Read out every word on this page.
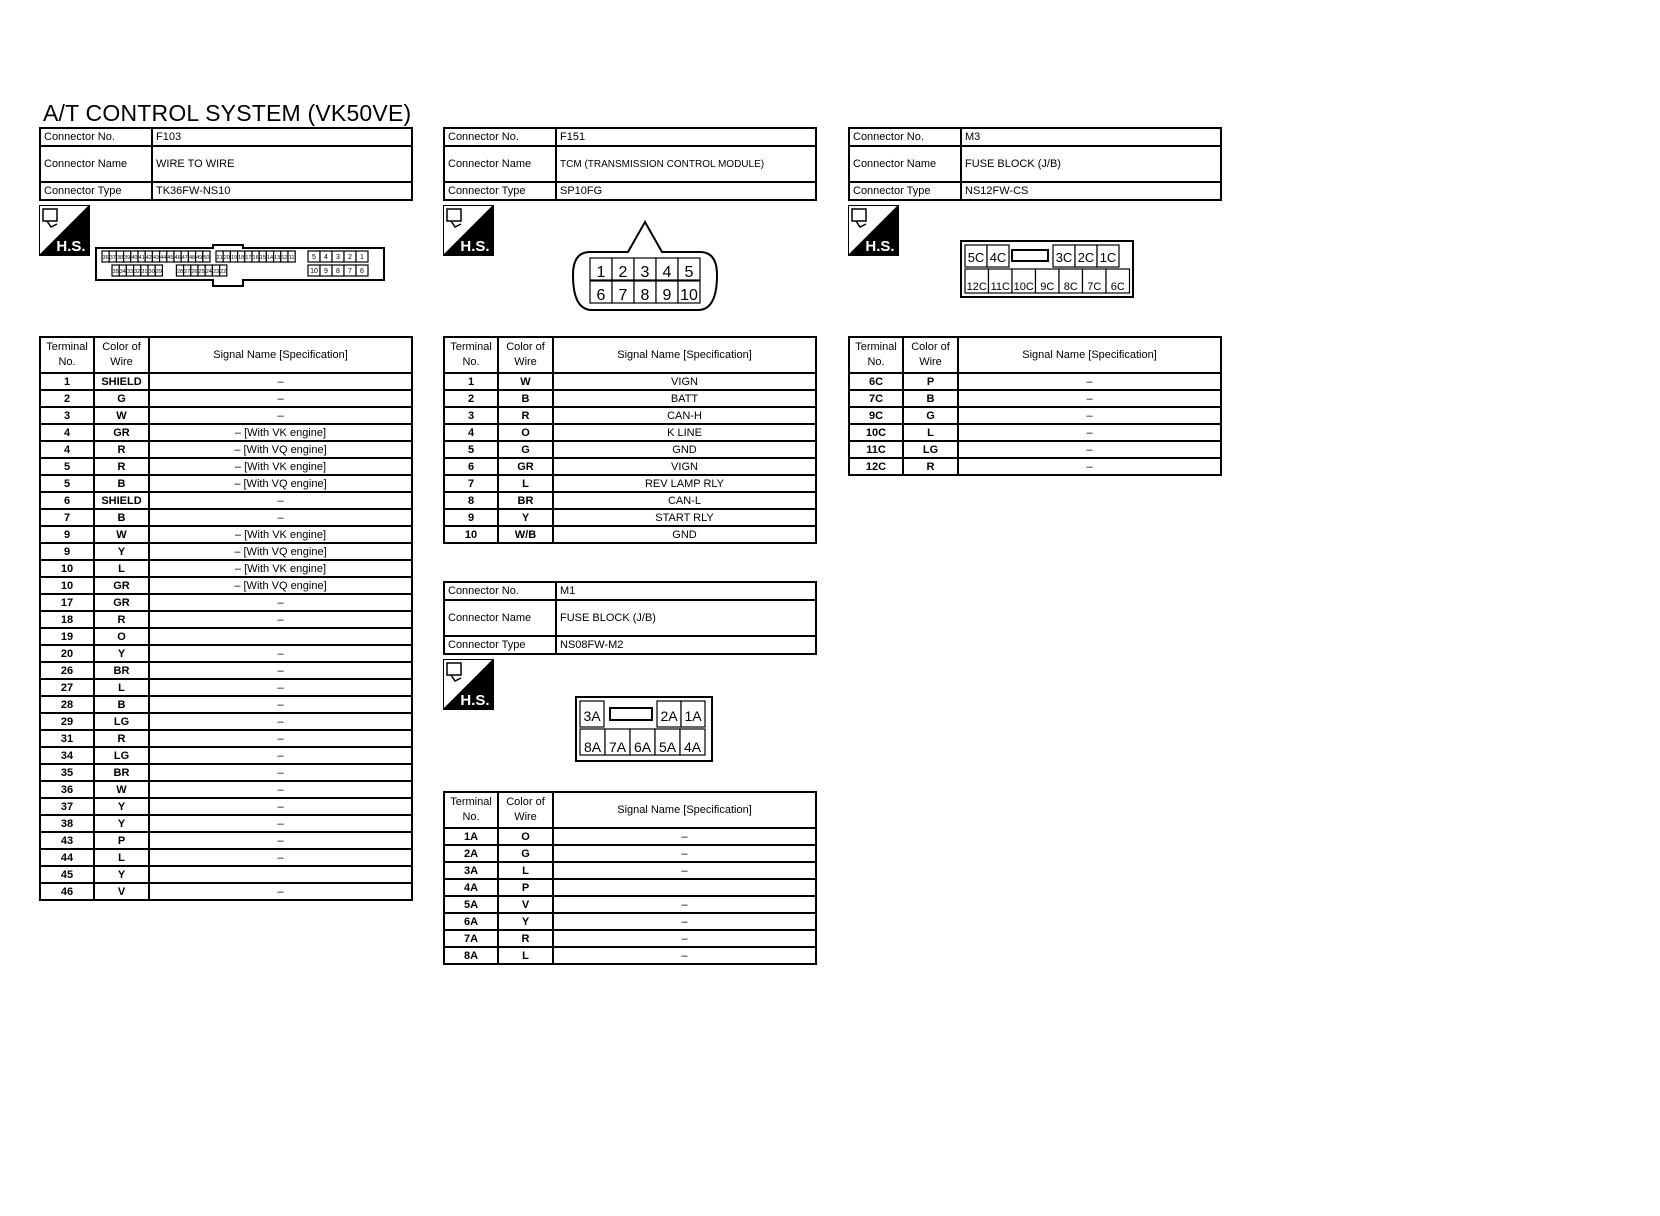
A/T CONTROL SYSTEM (VK50VE)
Connector No.	F103
Connector Name	WIRE TO WIRE
Connector Type	TK36FW-NS10
H.S.
36 37 38 39 40 41 42 43 44 45 46 47 48 49 50 21 20 19 18 17 16 15 14 13 12 11
35 34 33 32 31 30 29	28 27 26 25 24 23 22
5 4 3 2 1
10 9 8 7 6
Terminal No.	Color of Wire	Signal Name [Specification]
1	SHIELD	–
2	G	–
3	W	–
4	GR	– [With VK engine]
4	R	– [With VQ engine]
5	R	– [With VK engine]
5	B	– [With VQ engine]
6	SHIELD	–
7	B	–
9	W	– [With VK engine]
9	Y	– [With VQ engine]
10	L	– [With VK engine]
10	GR	– [With VQ engine]
17	GR	–
18	R	–
19	O	
20	Y	–
26	BR	–
27	L	–
28	B	–
29	LG	–
31	R	–
34	LG	–
35	BR	–
36	W	–
37	Y	–
38	Y	–
43	P	–
44	L	–
45	Y	
46	V	–
Connector No.	F151
Connector Name	TCM (TRANSMISSION CONTROL MODULE)
Connector Type	SP10FG
H.S.
1 2 3 4 5
6 7 8 9 10
Terminal No.	Color of Wire	Signal Name [Specification]
1	W	VIGN
2	B	BATT
3	R	CAN-H
4	O	K LINE
5	G	GND
6	GR	VIGN
7	L	REV LAMP RLY
8	BR	CAN-L
9	Y	START RLY
10	W/B	GND
Connector No.	M1
Connector Name	FUSE BLOCK (J/B)
Connector Type	NS08FW-M2
H.S.
3A	2A 1A
8A 7A 6A 5A 4A
Terminal No.	Color of Wire	Signal Name [Specification]
1A	O	–
2A	G	–
3A	L	–
4A	P	
5A	V	–
6A	Y	–
7A	R	–
8A	L	–
Connector No.	M3
Connector Name	FUSE BLOCK (J/B)
Connector Type	NS12FW-CS
H.S.
5C 4C	3C 2C 1C
12C 11C 10C 9C 8C 7C 6C
Terminal No.	Color of Wire	Signal Name [Specification]
6C	P	–
7C	B	–
9C	G	–
10C	L	–
11C	LG	–
12C	R	–
